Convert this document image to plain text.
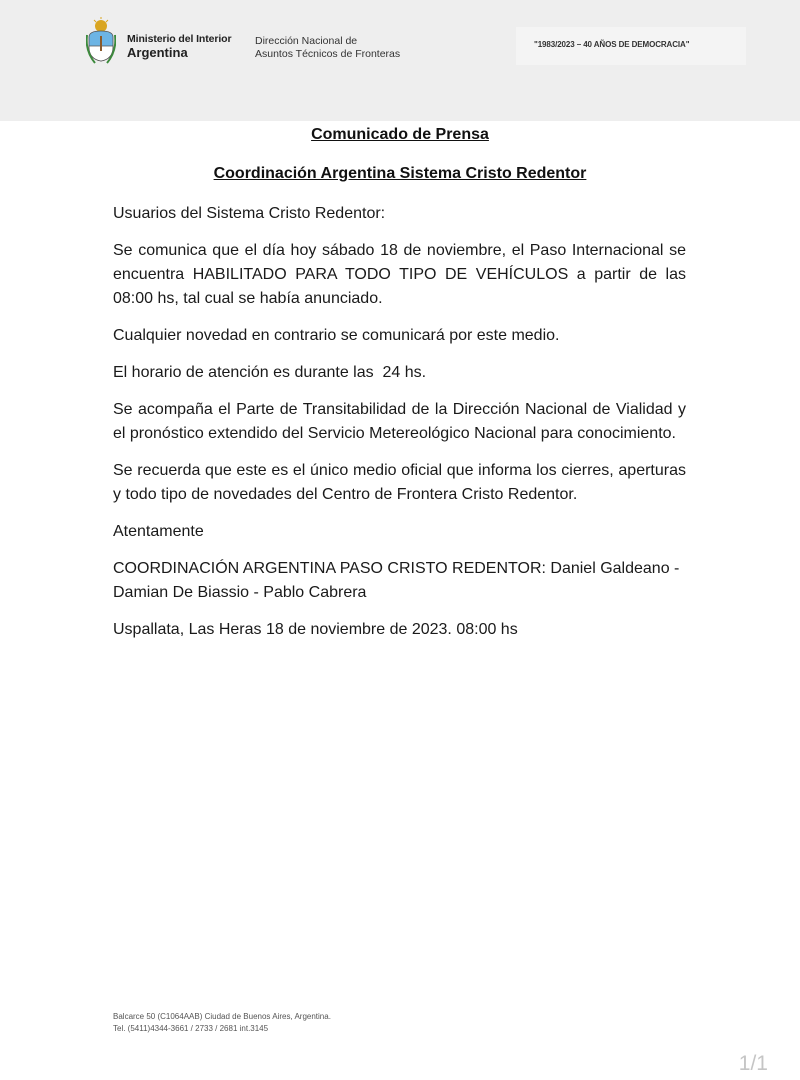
Ministerio del Interior
Argentina
Dirección Nacional de
Asuntos Técnicos de Fronteras
"1983/2023 – 40 AÑOS DE DEMOCRACIA"
Comunicado de Prensa
Coordinación Argentina Sistema Cristo Redentor

Usuarios del Sistema Cristo Redentor:

Se comunica que el día hoy sábado 18 de noviembre, el Paso Internacional se encuentra HABILITADO PARA TODO TIPO DE VEHÍCULOS a partir de las 08:00 hs, tal cual se había anunciado.

Cualquier novedad en contrario se comunicará por este medio.

El horario de atención es durante las  24 hs.

Se acompaña el Parte de Transitabilidad de la Dirección Nacional de Vialidad y el pronóstico extendido del Servicio Metereológico Nacional para conocimiento.

Se recuerda que este es el único medio oficial que informa los cierres, aperturas y todo tipo de novedades del Centro de Frontera Cristo Redentor.

Atentamente

COORDINACIÓN ARGENTINA PASO CRISTO REDENTOR: Daniel Galdeano - Damian De Biassio - Pablo Cabrera

Uspallata, Las Heras 18 de noviembre de 2023. 08:00 hs

Balcarce 50 (C1064AAB) Ciudad de Buenos Aires, Argentina.
Tel. (5411)4344-3661 / 2733 / 2681 int.3145
1/1
